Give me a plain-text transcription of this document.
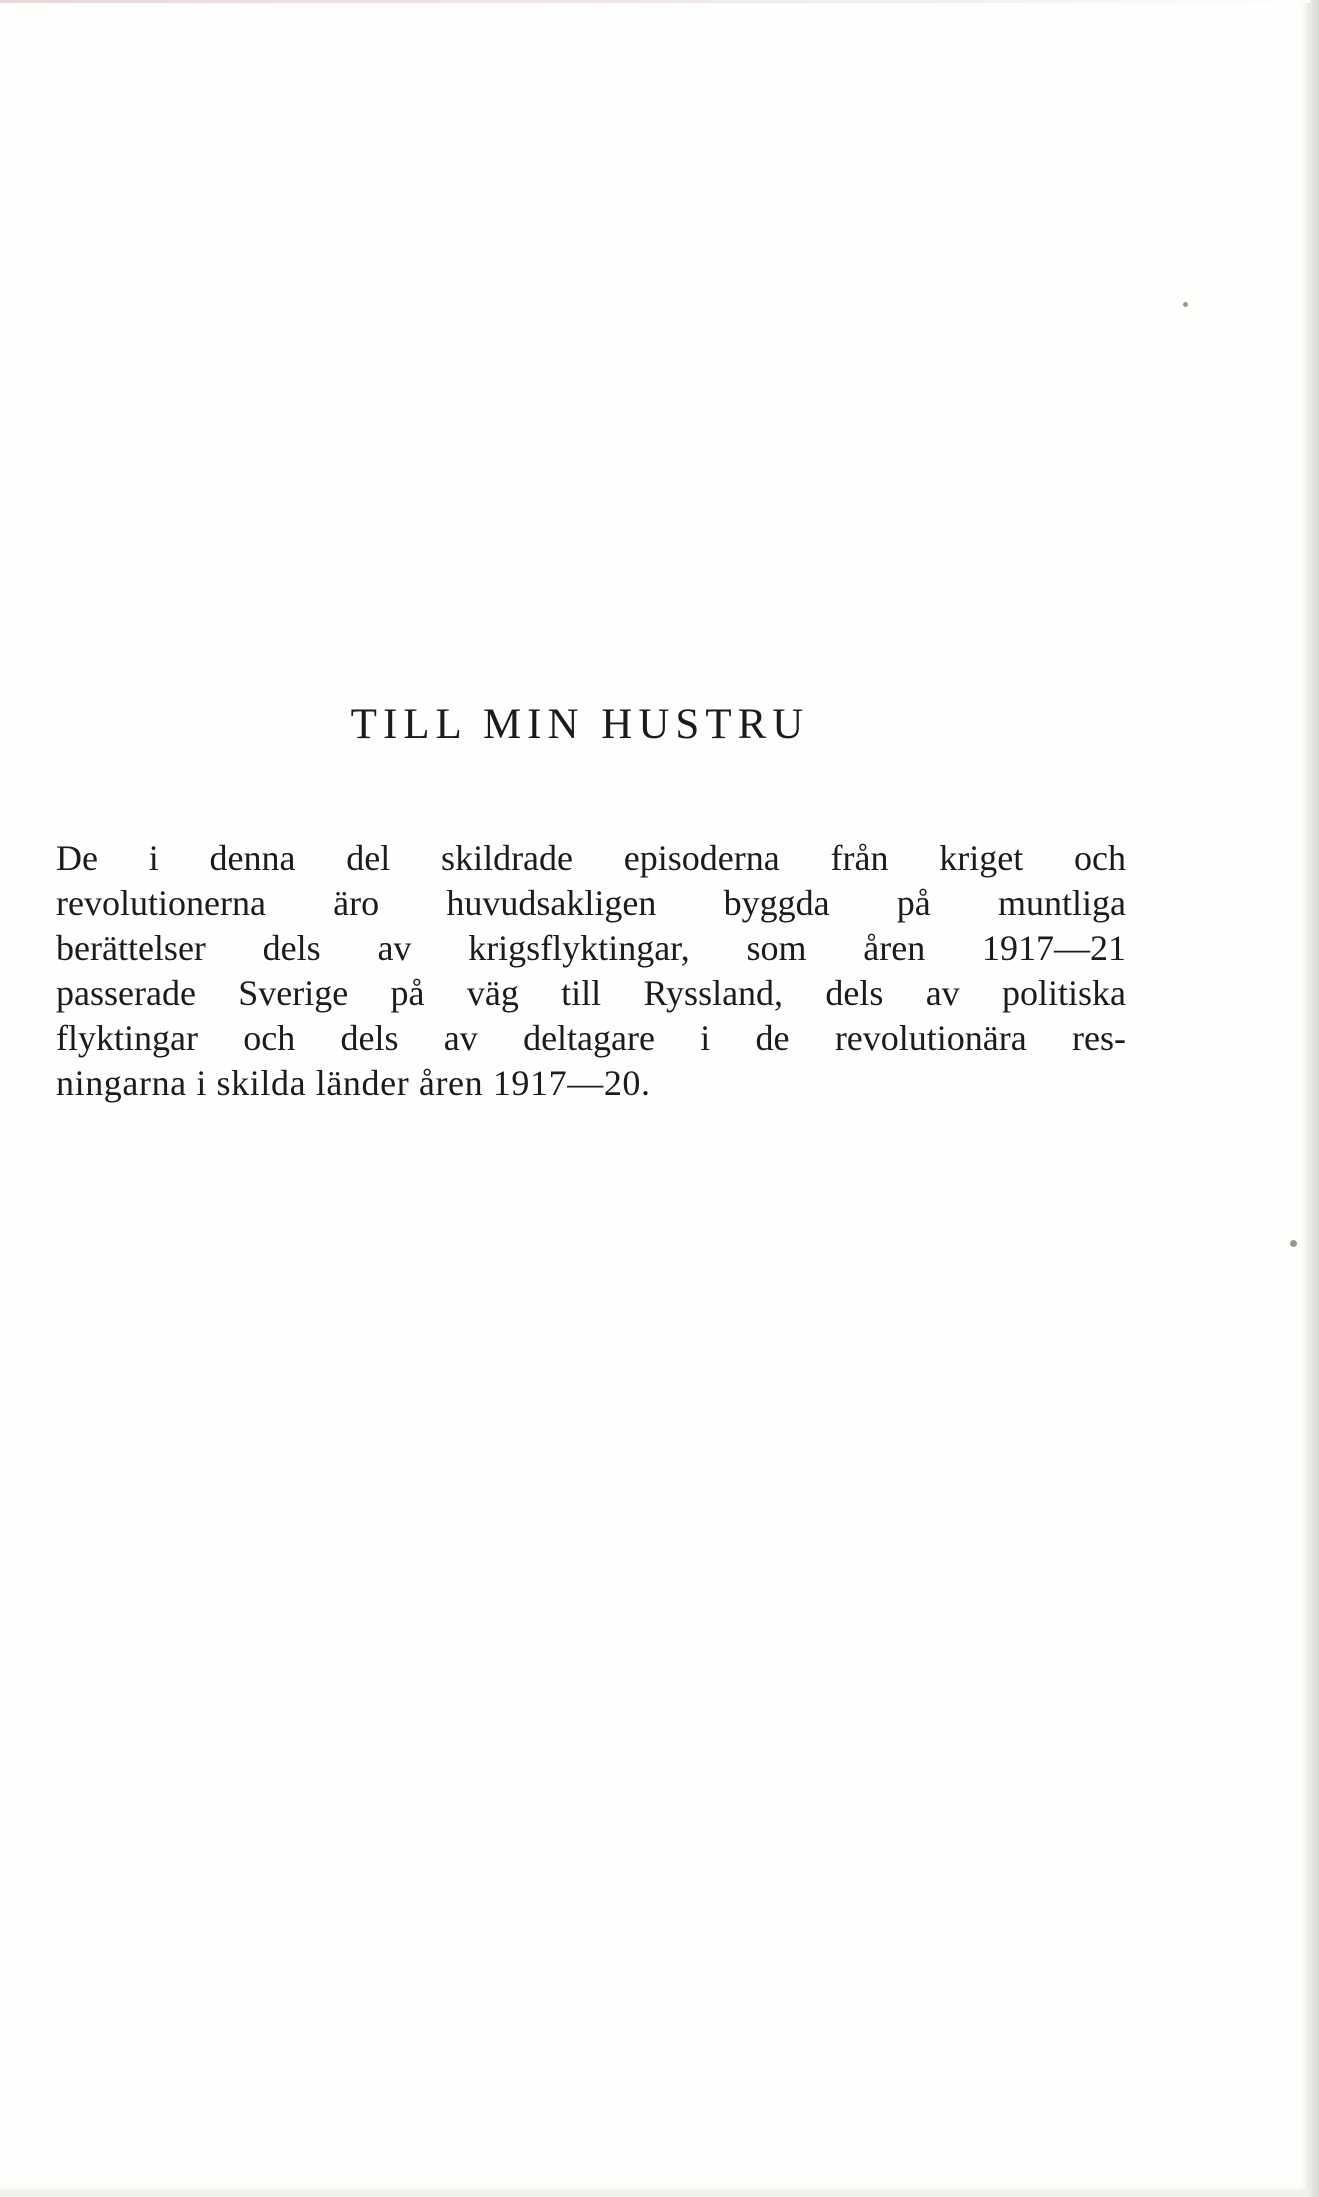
TILL MIN HUSTRU

De i denna del skildrade episoderna från kriget och
revolutionerna äro huvudsakligen byggda på muntliga
berättelser dels av krigsflyktingar, som åren 1917—21
passerade Sverige på väg till Ryssland, dels av politiska
flyktingar och dels av deltagare i de revolutionära res-
ningarna i skilda länder åren 1917—20.
